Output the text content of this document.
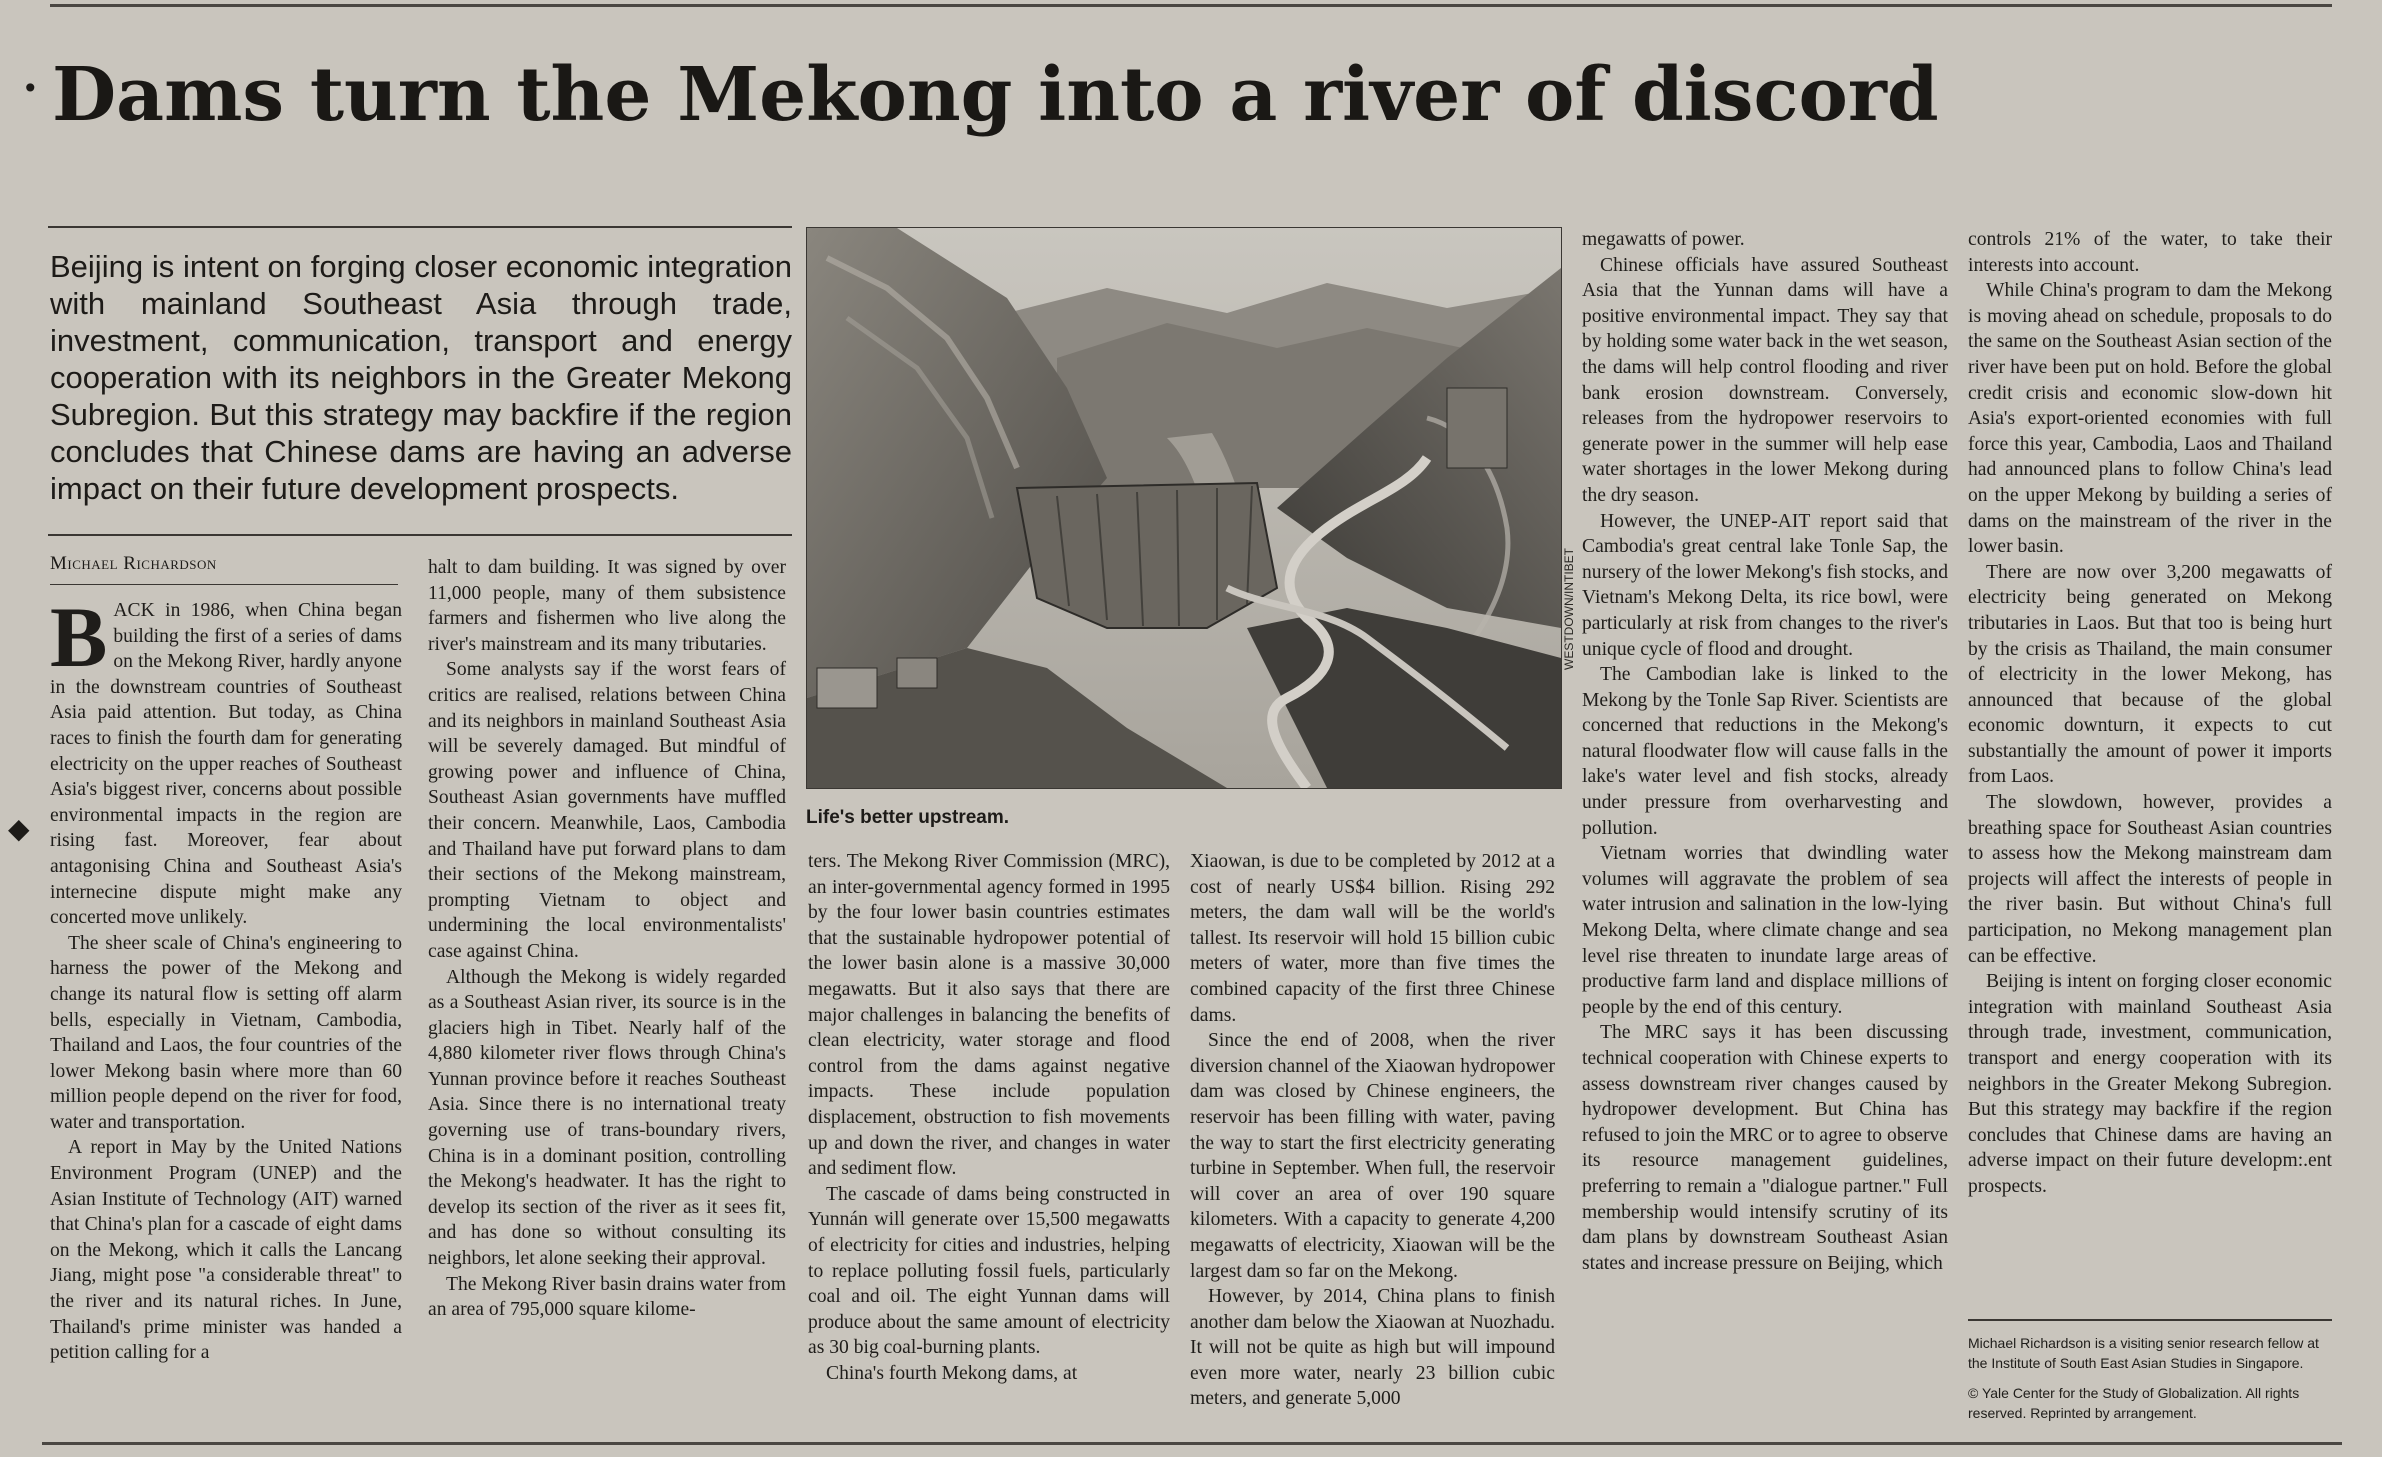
•
◆
Dams turn the Mekong into a river of discord
Beijing is intent on forging closer economic integration with mainland Southeast Asia through trade, investment, communication, transport and energy cooperation with its neighbors in the Greater Mekong Subregion. But this strategy may backfire if the region concludes that Chinese dams are having an adverse impact on their future development prospects.
Michael Richardson

BACK in 1986, when China began building the first of a series of dams on the Mekong River, hardly anyone in the downstream countries of Southeast Asia paid attention. But today, as China races to finish the fourth dam for generating electricity on the upper reaches of Southeast Asia's biggest river, concerns about possible environmental impacts in the region are rising fast. Moreover, fear about antagonising China and Southeast Asia's internecine dispute might make any concerted move unlikely.

The sheer scale of China's engineering to harness the power of the Mekong and change its natural flow is setting off alarm bells, especially in Vietnam, Cambodia, Thailand and Laos, the four countries of the lower Mekong basin where more than 60 million people depend on the river for food, water and transportation.

A report in May by the United Nations Environment Program (UNEP) and the Asian Institute of Technology (AIT) warned that China's plan for a cascade of eight dams on the Mekong, which it calls the Lancang Jiang, might pose "a considerable threat" to the river and its natural riches. In June, Thailand's prime minister was handed a petition calling for a

halt to dam building. It was signed by over 11,000 people, many of them subsistence farmers and fishermen who live along the river's mainstream and its many tributaries.

Some analysts say if the worst fears of critics are realised, relations between China and its neighbors in mainland Southeast Asia will be severely damaged. But mindful of growing power and influence of China, Southeast Asian governments have muffled their concern. Meanwhile, Laos, Cambodia and Thailand have put forward plans to dam their sections of the Mekong mainstream, prompting Vietnam to object and undermining the local environmentalists' case against China.

Although the Mekong is widely regarded as a Southeast Asian river, its source is in the glaciers high in Tibet. Nearly half of the 4,880 kilometer river flows through China's Yunnan province before it reaches Southeast Asia. Since there is no international treaty governing use of trans-boundary rivers, China is in a dominant position, controlling the Mekong's headwater. It has the right to develop its section of the river as it sees fit, and has done so without consulting its neighbors, let alone seeking their approval.

The Mekong River basin drains water from an area of 795,000 square kilome-

WESTDOWN/INTIBET
Life's better upstream.

ters. The Mekong River Commission (MRC), an inter-governmental agency formed in 1995 by the four lower basin countries estimates that the sustainable hydropower potential of the lower basin alone is a massive 30,000 megawatts. But it also says that there are major challenges in balancing the benefits of clean electricity, water storage and flood control from the dams against negative impacts. These include population displacement, obstruction to fish movements up and down the river, and changes in water and sediment flow.

The cascade of dams being constructed in Yunnán will generate over 15,500 megawatts of electricity for cities and industries, helping to replace polluting fossil fuels, particularly coal and oil. The eight Yunnan dams will produce about the same amount of electricity as 30 big coal-burning plants.

China's fourth Mekong dams, at

Xiaowan, is due to be completed by 2012 at a cost of nearly US$4 billion. Rising 292 meters, the dam wall will be the world's tallest. Its reservoir will hold 15 billion cubic meters of water, more than five times the combined capacity of the first three Chinese dams.

Since the end of 2008, when the river diversion channel of the Xiaowan hydropower dam was closed by Chinese engineers, the reservoir has been filling with water, paving the way to start the first electricity generating turbine in September. When full, the reservoir will cover an area of over 190 square kilometers. With a capacity to generate 4,200 megawatts of electricity, Xiaowan will be the largest dam so far on the Mekong.

However, by 2014, China plans to finish another dam below the Xiaowan at Nuozhadu. It will not be quite as high but will impound even more water, nearly 23 billion cubic meters, and generate 5,000

megawatts of power.

Chinese officials have assured Southeast Asia that the Yunnan dams will have a positive environmental impact. They say that by holding some water back in the wet season, the dams will help control flooding and river bank erosion downstream. Conversely, releases from the hydropower reservoirs to generate power in the summer will help ease water shortages in the lower Mekong during the dry season.

However, the UNEP-AIT report said that Cambodia's great central lake Tonle Sap, the nursery of the lower Mekong's fish stocks, and Vietnam's Mekong Delta, its rice bowl, were particularly at risk from changes to the river's unique cycle of flood and drought.

The Cambodian lake is linked to the Mekong by the Tonle Sap River. Scientists are concerned that reductions in the Mekong's natural floodwater flow will cause falls in the lake's water level and fish stocks, already under pressure from overharvesting and pollution.

Vietnam worries that dwindling water volumes will aggravate the problem of sea water intrusion and salination in the low-lying Mekong Delta, where climate change and sea level rise threaten to inundate large areas of productive farm land and displace millions of people by the end of this century.

The MRC says it has been discussing technical cooperation with Chinese experts to assess downstream river changes caused by hydropower development. But China has refused to join the MRC or to agree to observe its resource management guidelines, preferring to remain a "dialogue partner." Full membership would intensify scrutiny of its dam plans by downstream Southeast Asian states and increase pressure on Beijing, which

controls 21% of the water, to take their interests into account.

While China's program to dam the Mekong is moving ahead on schedule, proposals to do the same on the Southeast Asian section of the river have been put on hold. Before the global credit crisis and economic slow-down hit Asia's export-oriented economies with full force this year, Cambodia, Laos and Thailand had announced plans to follow China's lead on the upper Mekong by building a series of dams on the mainstream of the river in the lower basin.

There are now over 3,200 megawatts of electricity being generated on Mekong tributaries in Laos. But that too is being hurt by the crisis as Thailand, the main consumer of electricity in the lower Mekong, has announced that because of the global economic downturn, it expects to cut substantially the amount of power it imports from Laos.

The slowdown, however, provides a breathing space for Southeast Asian countries to assess how the Mekong mainstream dam projects will affect the interests of people in the river basin. But without China's full participation, no Mekong management plan can be effective.

Beijing is intent on forging closer economic integration with mainland Southeast Asia through trade, investment, communication, transport and energy cooperation with its neighbors in the Greater Mekong Subregion. But this strategy may backfire if the region concludes that Chinese dams are having an adverse impact on their future developm:.ent prospects.

Michael Richardson is a visiting senior research fellow at the Institute of South East Asian Studies in Singapore.

© Yale Center for the Study of Globalization. All rights reserved. Reprinted by arrangement.
